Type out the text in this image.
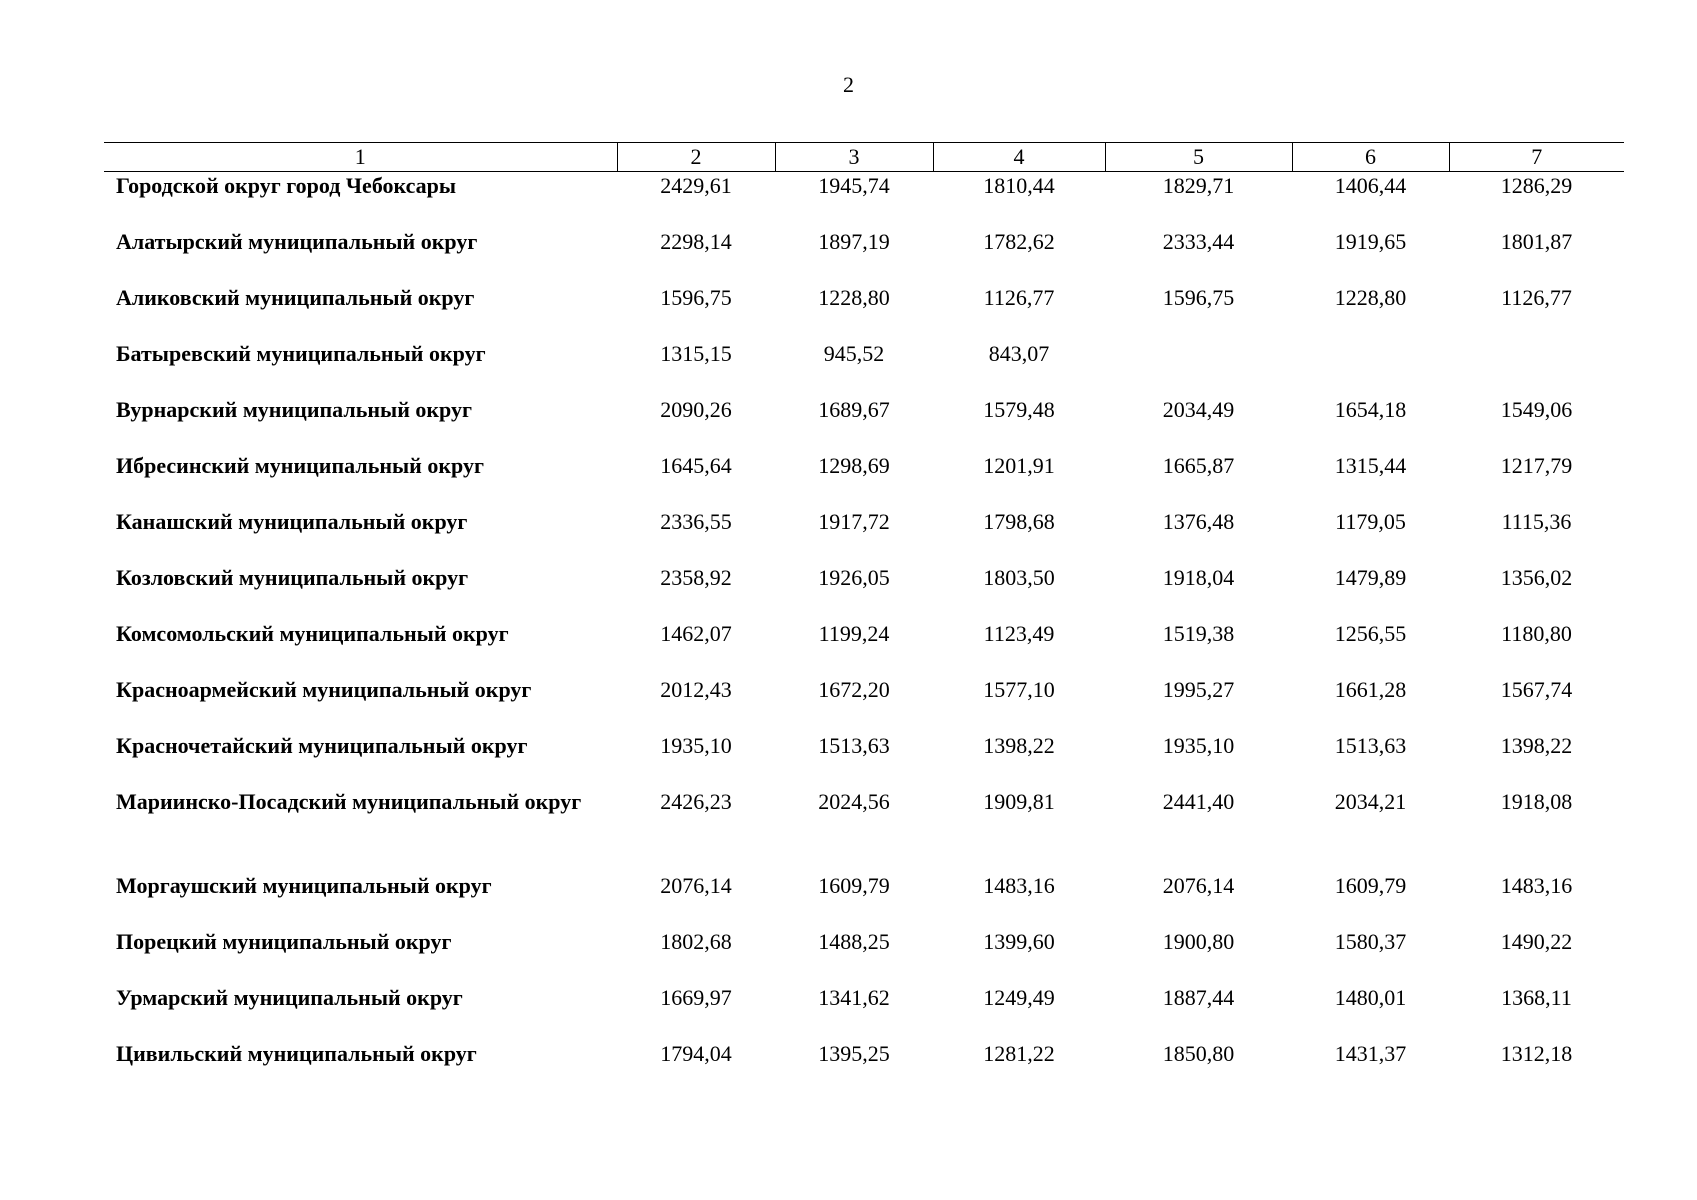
2
1	2	3	4	5	6	7
Городской округ город Чебоксары	2429,61	1945,74	1810,44	1829,71	1406,44	1286,29
Алатырский муниципальный округ	2298,14	1897,19	1782,62	2333,44	1919,65	1801,87
Аликовский муниципальный округ	1596,75	1228,80	1126,77	1596,75	1228,80	1126,77
Батыревский муниципальный округ	1315,15	945,52	843,07			
Вурнарский муниципальный округ	2090,26	1689,67	1579,48	2034,49	1654,18	1549,06
Ибресинский муниципальный округ	1645,64	1298,69	1201,91	1665,87	1315,44	1217,79
Канашский муниципальный округ	2336,55	1917,72	1798,68	1376,48	1179,05	1115,36
Козловский муниципальный округ	2358,92	1926,05	1803,50	1918,04	1479,89	1356,02
Комсомольский муниципальный округ	1462,07	1199,24	1123,49	1519,38	1256,55	1180,80
Красноармейский муниципальный округ	2012,43	1672,20	1577,10	1995,27	1661,28	1567,74
Красночетайский муниципальный округ	1935,10	1513,63	1398,22	1935,10	1513,63	1398,22
Мариинско-Посадский муниципальный округ	2426,23	2024,56	1909,81	2441,40	2034,21	1918,08
Моргаушский муниципальный округ	2076,14	1609,79	1483,16	2076,14	1609,79	1483,16
Порецкий муниципальный округ	1802,68	1488,25	1399,60	1900,80	1580,37	1490,22
Урмарский муниципальный округ	1669,97	1341,62	1249,49	1887,44	1480,01	1368,11
Цивильский муниципальный округ	1794,04	1395,25	1281,22	1850,80	1431,37	1312,18
